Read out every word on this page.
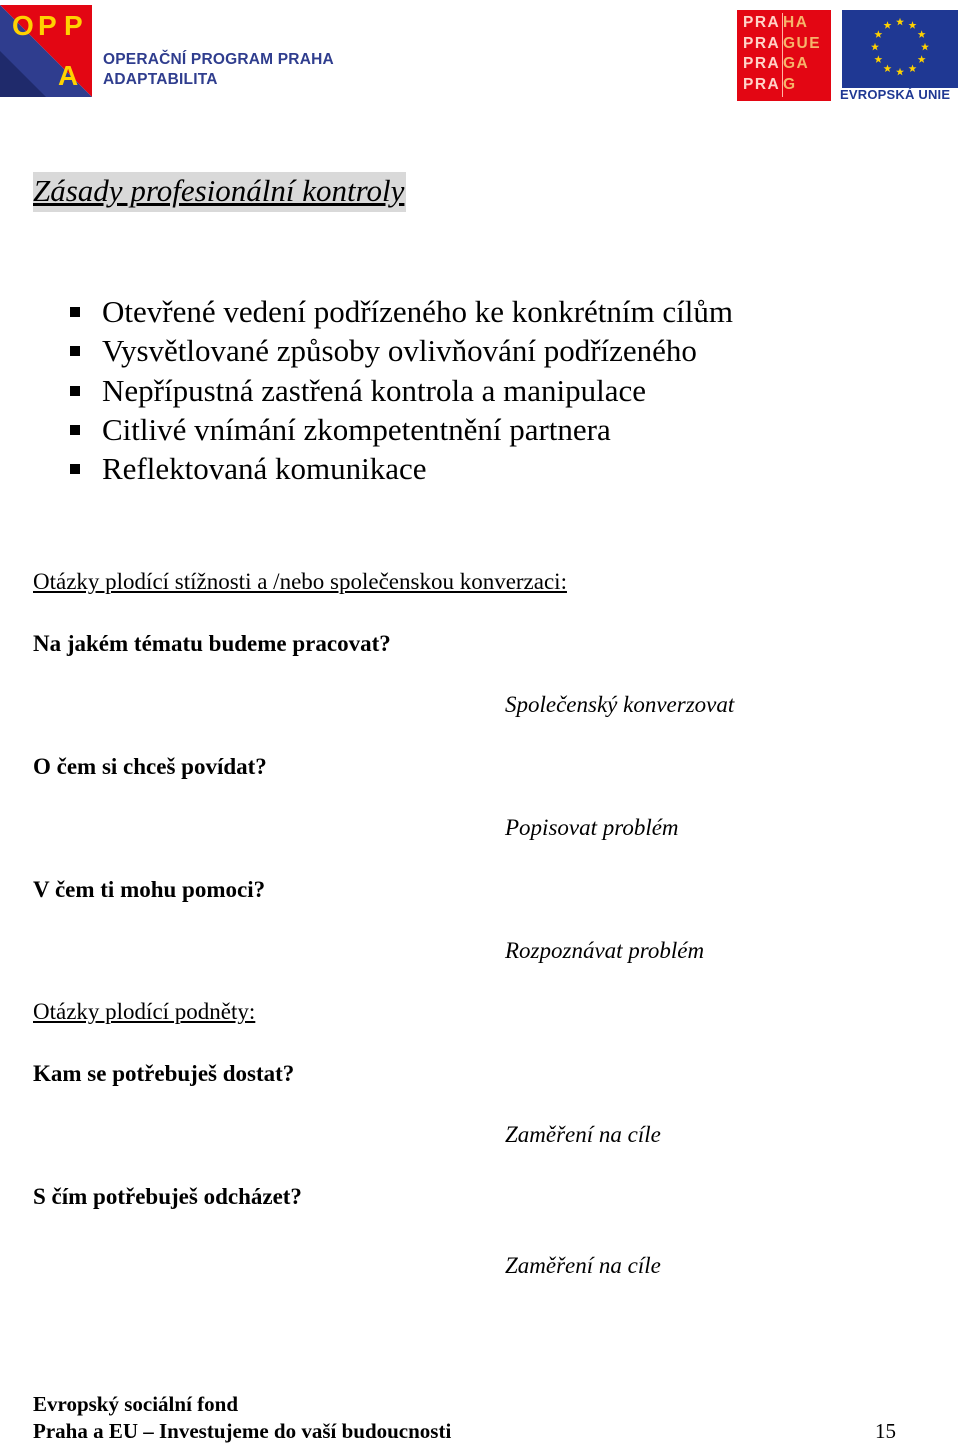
O P P
A
OPERAČNÍ PROGRAM PRAHA
ADAPTABILITA
PRA HA
PRA GUE
PRA GA
PRA G
EVROPSKÁ UNIE
Zásady profesionální kontroly
Otevřené vedení podřízeného ke konkrétním cílům
Vysvětlované způsoby ovlivňování podřízeného
Nepřípustná zastřená kontrola a manipulace
Citlivé vnímání zkompetentnění partnera
Reflektovaná komunikace
Otázky plodící stížnosti a /nebo společenskou konverzaci:
Na jakém tématu budeme pracovat?
Společenský konverzovat
O čem si chceš povídat?
Popisovat problém
V čem ti mohu pomoci?
Rozpoznávat problém
Otázky plodící podněty:
Kam se potřebuješ dostat?
Zaměření na cíle
S čím potřebuješ odcházet?
Zaměření na cíle
Evropský sociální fond
Praha a EU – Investujeme do vaší budoucnosti	15
